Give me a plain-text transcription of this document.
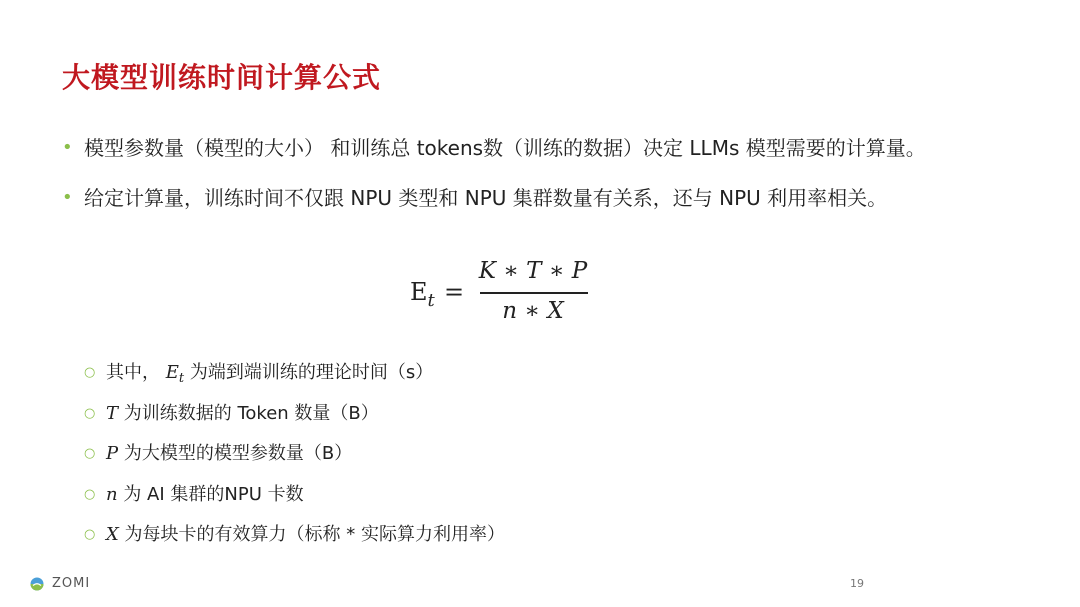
大模型训练时间计算公式
• 模型参数量（模型的大小） 和训练总 tokens数（训练的数据）决定 LLMs 模型需要的计算量。
• 给定计算量，训练时间不仅跟 NPU 类型和 NPU 集群数量有关系，还与 NPU 利用率相关。
$E_t$ =
K ∗ T ∗ P
n ∗ X
○ 其中， $E_t$ 为端到端训练的理论时间（s）
○ T 为训练数据的 Token 数量（B）
○ P 为大模型的模型参数量（B）
○ n 为 AI 集群的NPU 卡数
○ X 为每块卡的有效算力（标称 * 实际算力利用率）
ZOMI	19
